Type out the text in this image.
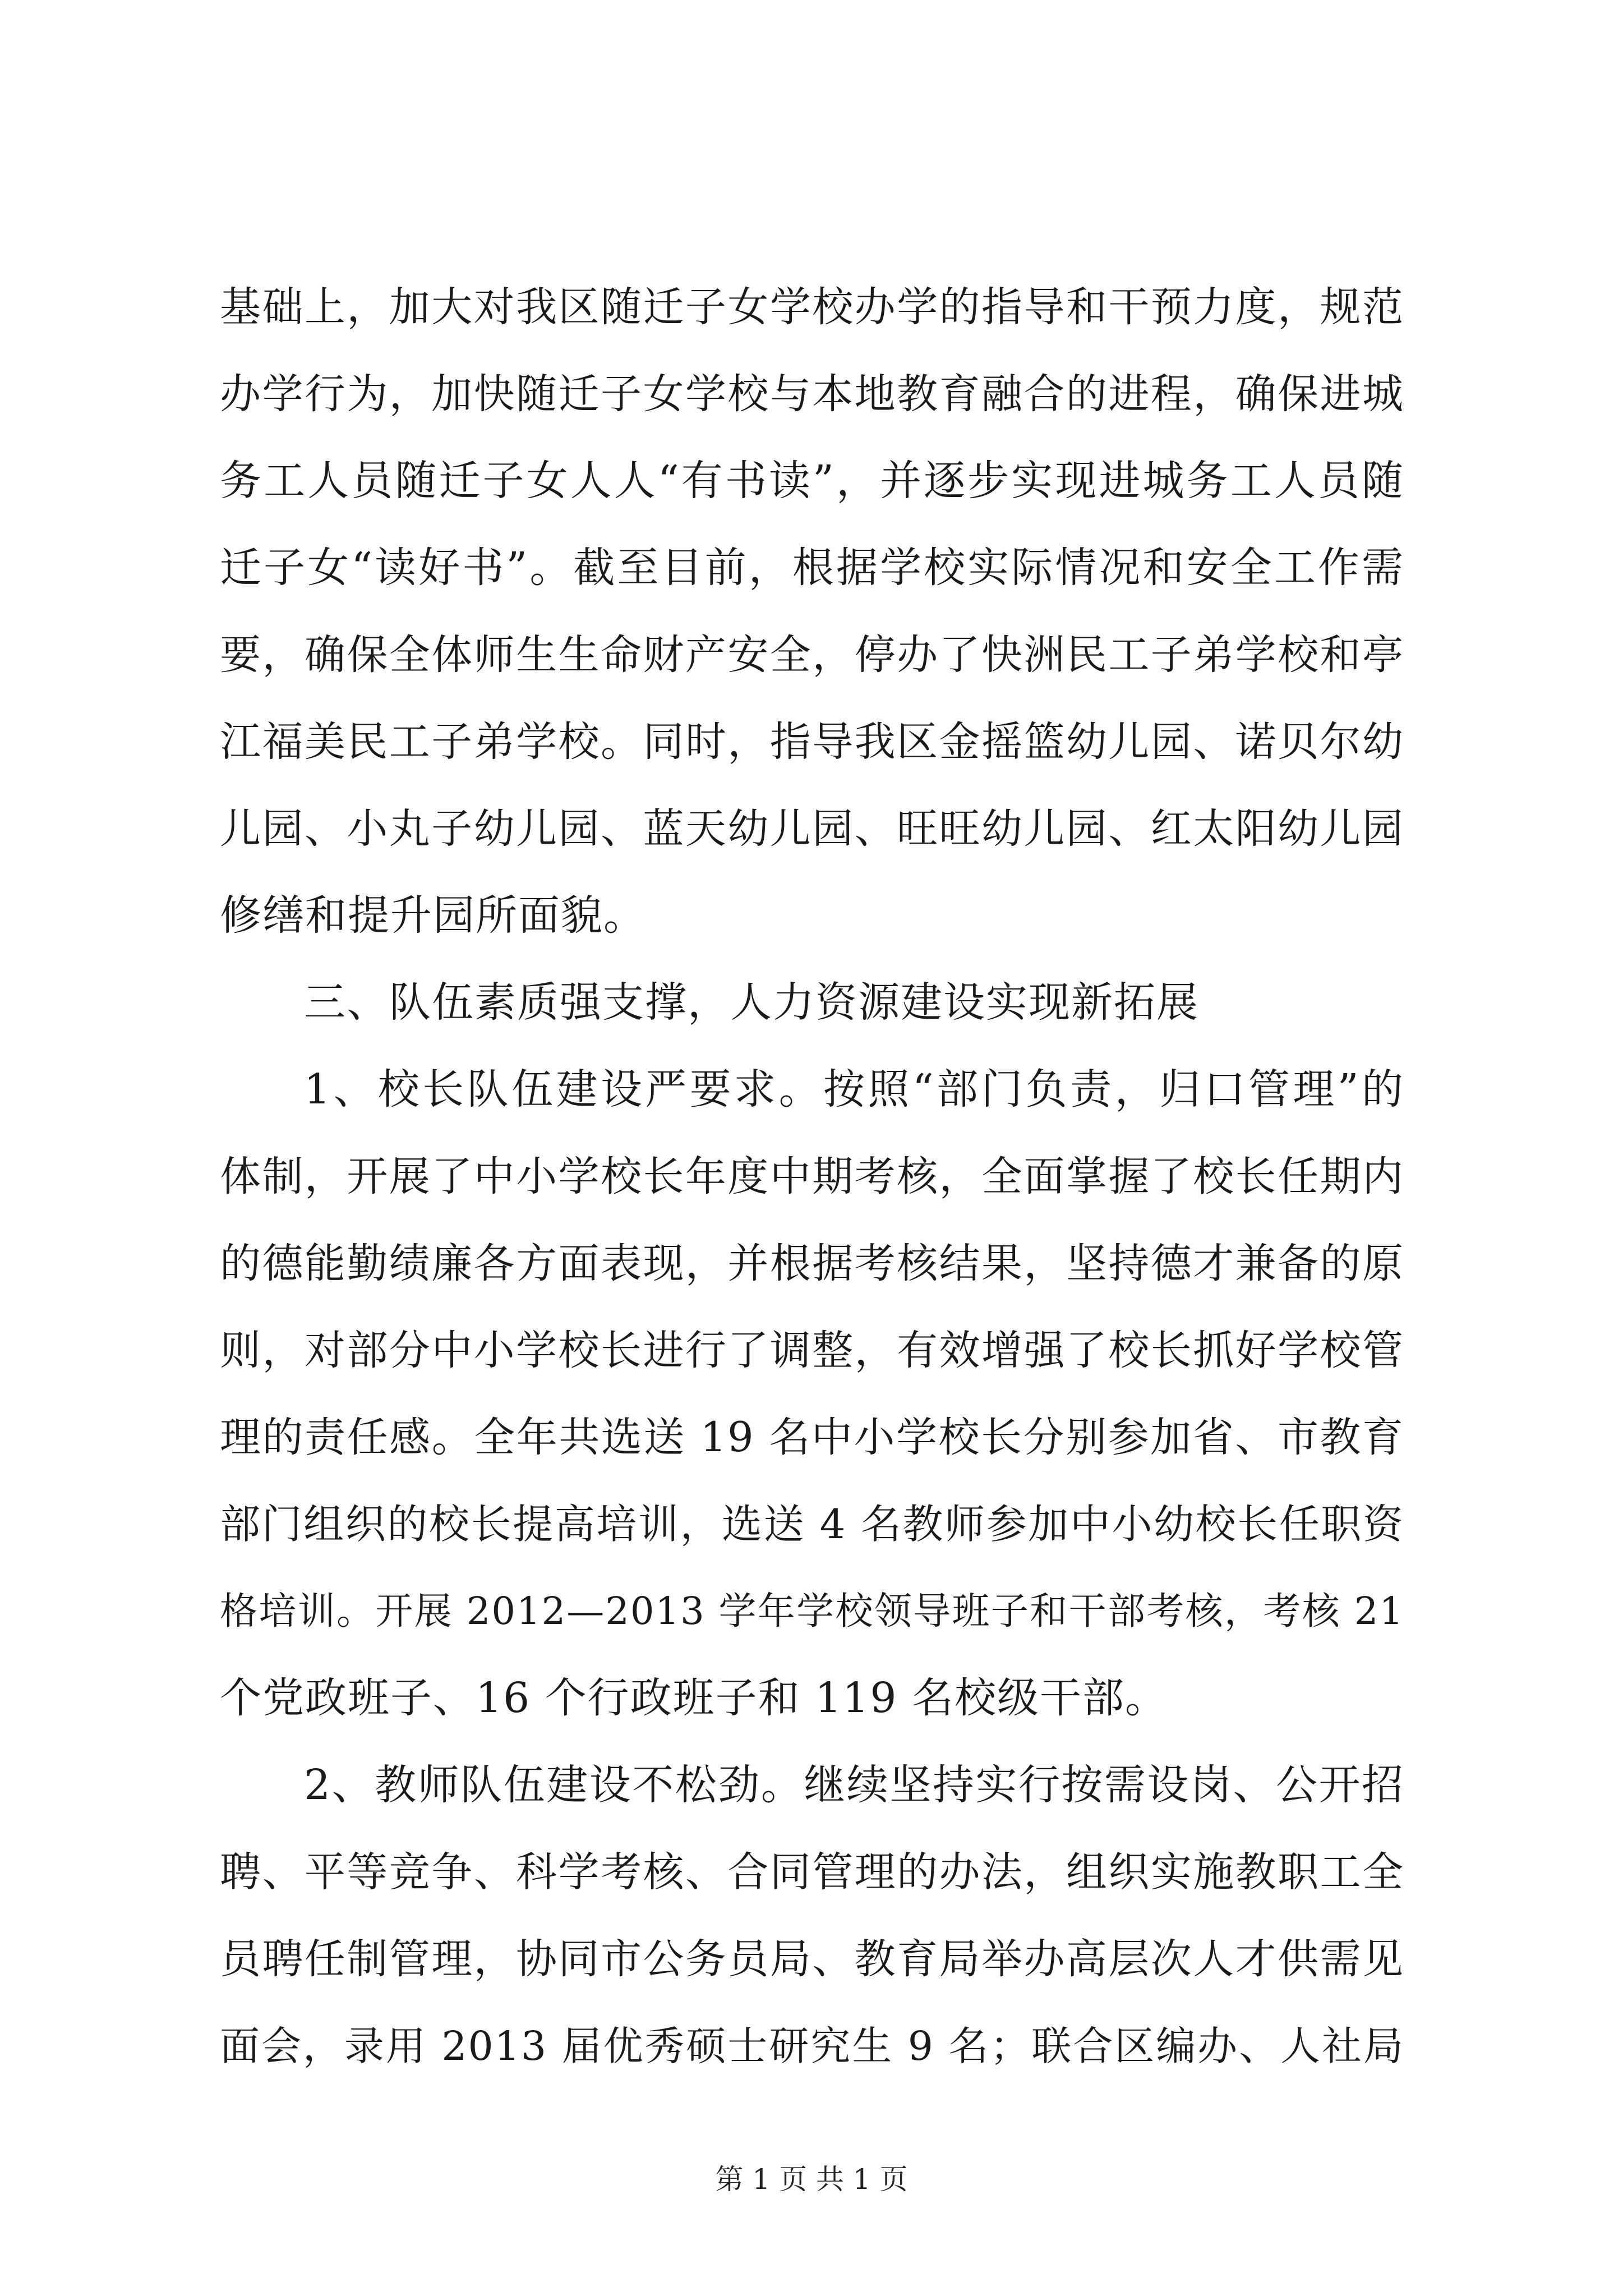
基础上，加大对我区随迁子女学校办学的指导和干预力度，规范
办学行为，加快随迁子女学校与本地教育融合的进程，确保进城
务工人员随迁子女人人“有书读”，并逐步实现进城务工人员随
迁子女“读好书”。截至目前，根据学校实际情况和安全工作需
要，确保全体师生生命财产安全，停办了快洲民工子弟学校和亭
江福美民工子弟学校。同时，指导我区金摇篮幼儿园、诺贝尔幼
儿园、小丸子幼儿园、蓝天幼儿园、旺旺幼儿园、红太阳幼儿园
修缮和提升园所面貌。
三、队伍素质强支撑，人力资源建设实现新拓展
1、校长队伍建设严要求。按照“部门负责，归口管理”的
体制，开展了中小学校长年度中期考核，全面掌握了校长任期内
的德能勤绩廉各方面表现，并根据考核结果，坚持德才兼备的原
则，对部分中小学校长进行了调整，有效增强了校长抓好学校管
理的责任感。全年共选送 19 名中小学校长分别参加省、市教育
部门组织的校长提高培训，选送 4 名教师参加中小幼校长任职资
格培训。开展 2012—2013 学年学校领导班子和干部考核，考核 21
个党政班子、16 个行政班子和 119 名校级干部。
2、教师队伍建设不松劲。继续坚持实行按需设岗、公开招
聘、平等竞争、科学考核、合同管理的办法，组织实施教职工全
员聘任制管理，协同市公务员局、教育局举办高层次人才供需见
面会，录用 2013 届优秀硕士研究生 9 名；联合区编办、人社局
第 1 页 共 1 页
